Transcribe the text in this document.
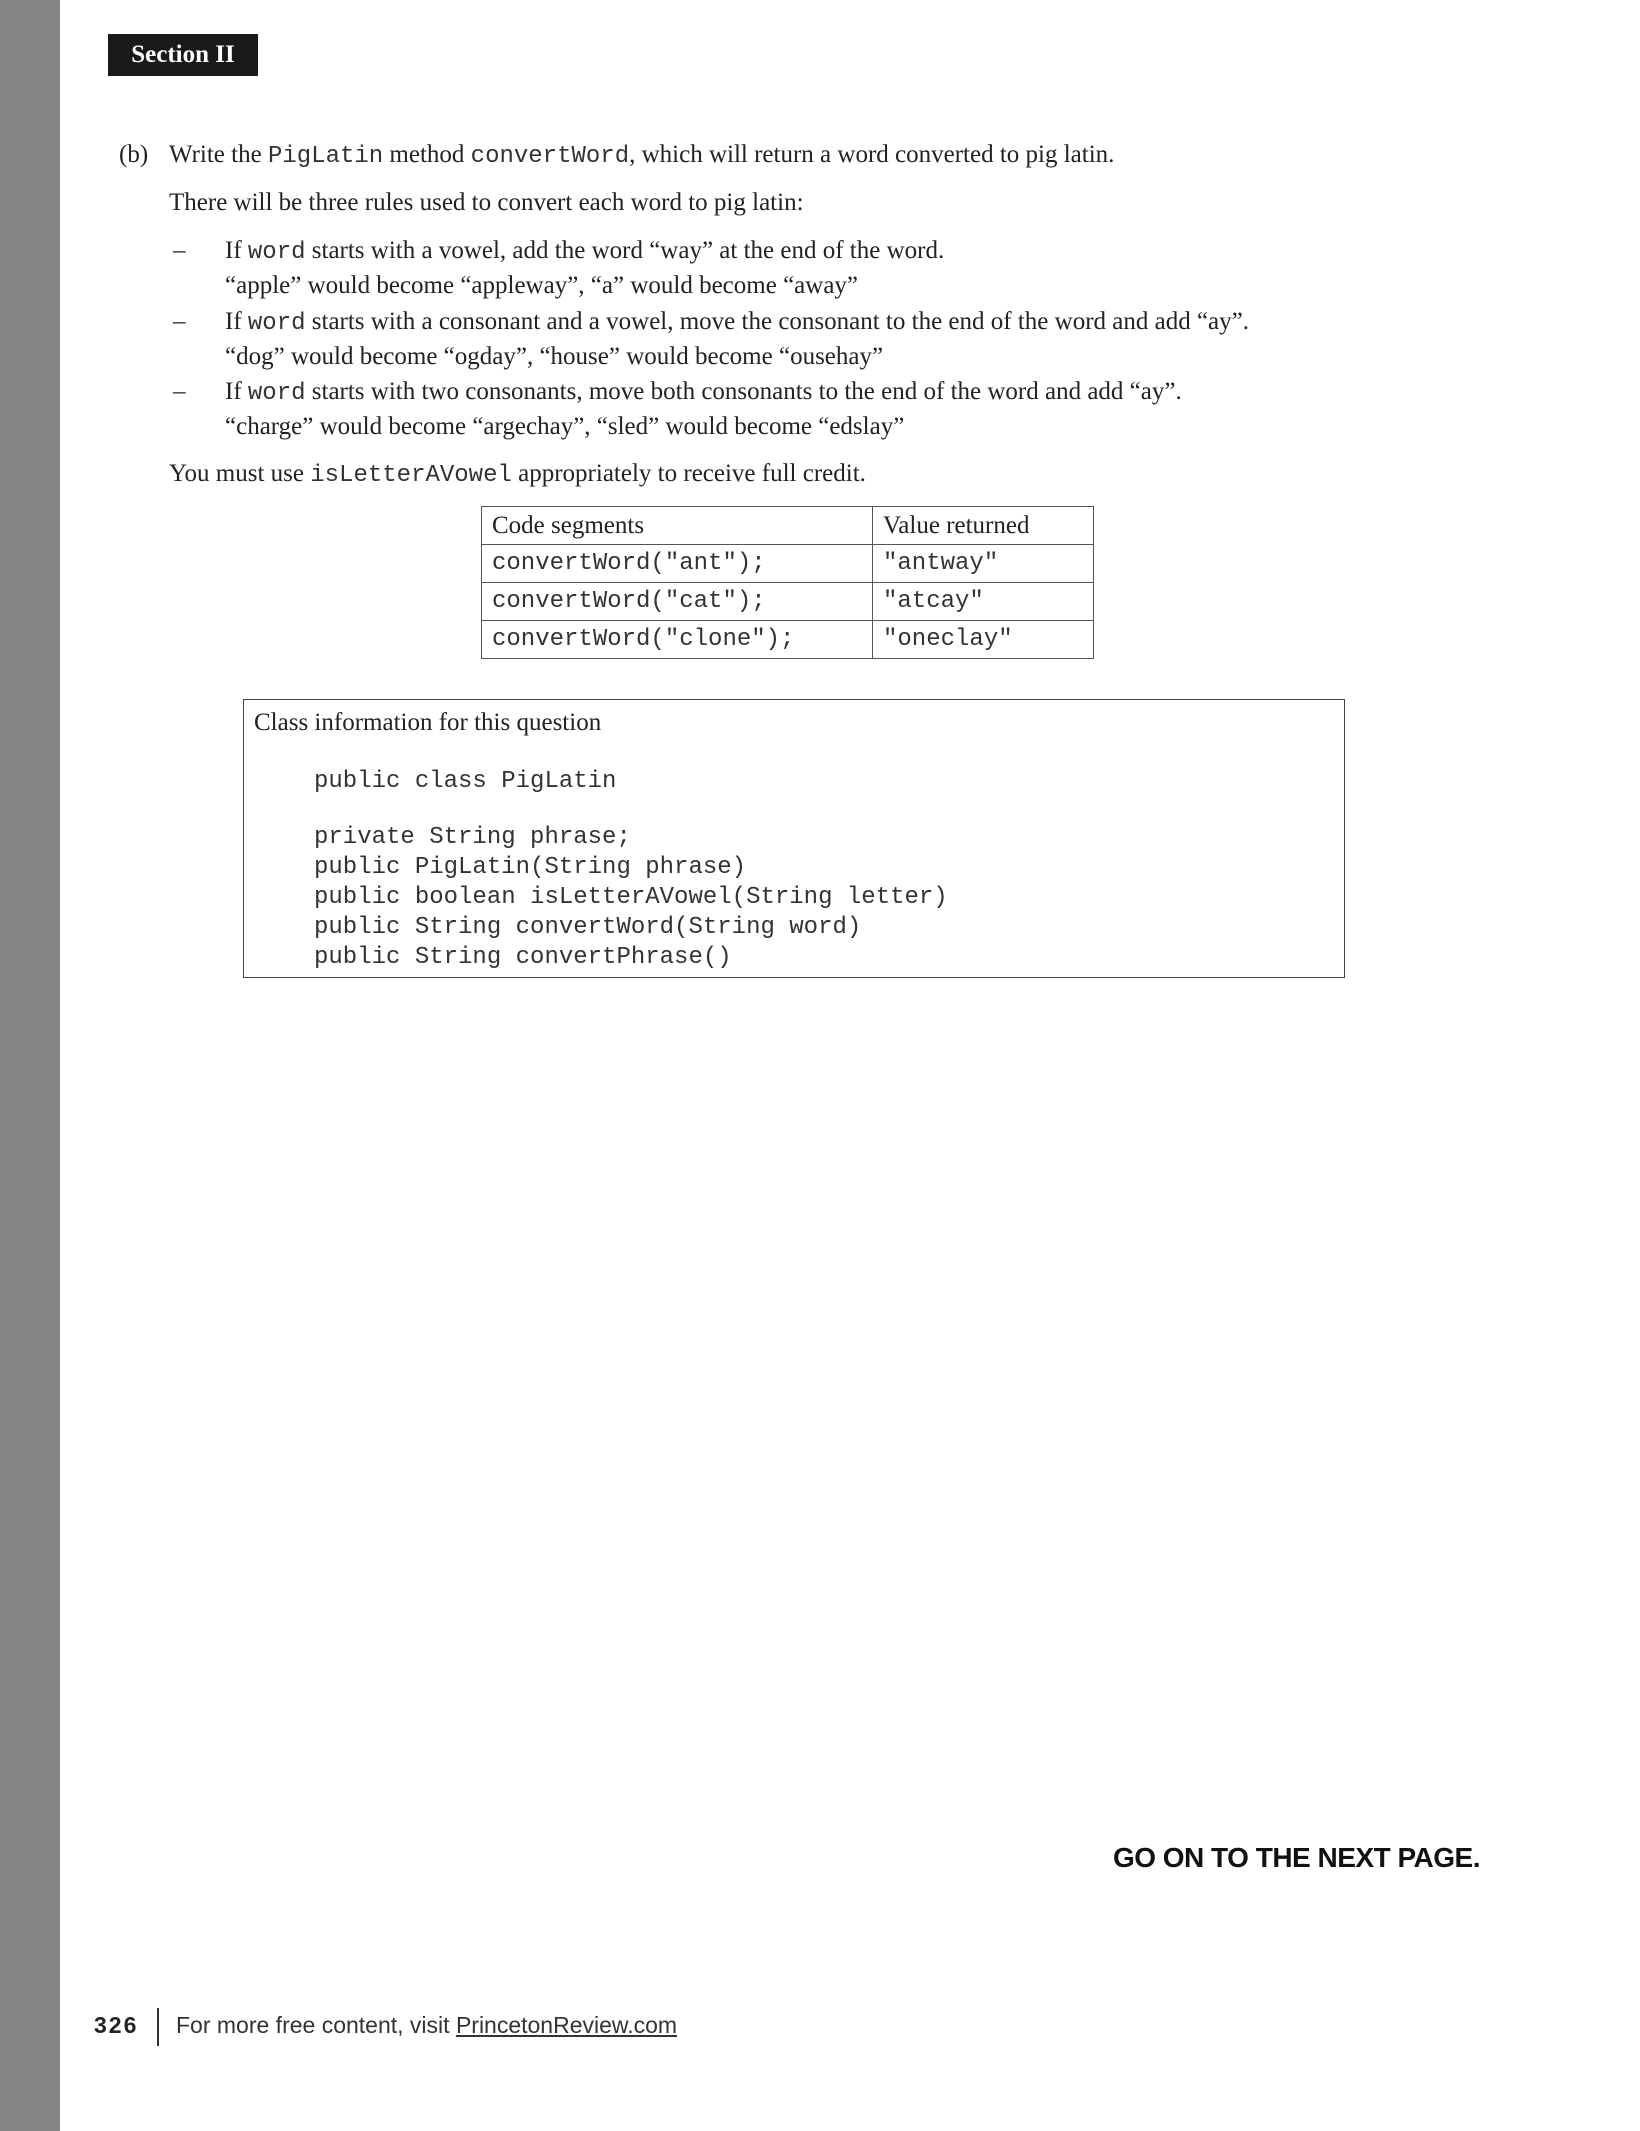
Section II
(b) Write the PigLatin method convertWord, which will return a word converted to pig latin.
There will be three rules used to convert each word to pig latin:
– If word starts with a vowel, add the word “way” at the end of the word.
“apple” would become “appleway”, “a” would become “away”
– If word starts with a consonant and a vowel, move the consonant to the end of the word and add “ay”.
“dog” would become “ogday”, “house” would become “ousehay”
– If word starts with two consonants, move both consonants to the end of the word and add “ay”.
“charge” would become “argechay”, “sled” would become “edslay”
You must use isLetterAVowel appropriately to receive full credit.
Code segments	Value returned
convertWord("ant");	"antway"
convertWord("cat");	"atcay"
convertWord("clone");	"oneclay"
Class information for this question
public class PigLatin
private String phrase;
public PigLatin(String phrase)
public boolean isLetterAVowel(String letter)
public String convertWord(String word)
public String convertPhrase()
GO ON TO THE NEXT PAGE.
326 For more free content, visit PrincetonReview.com
